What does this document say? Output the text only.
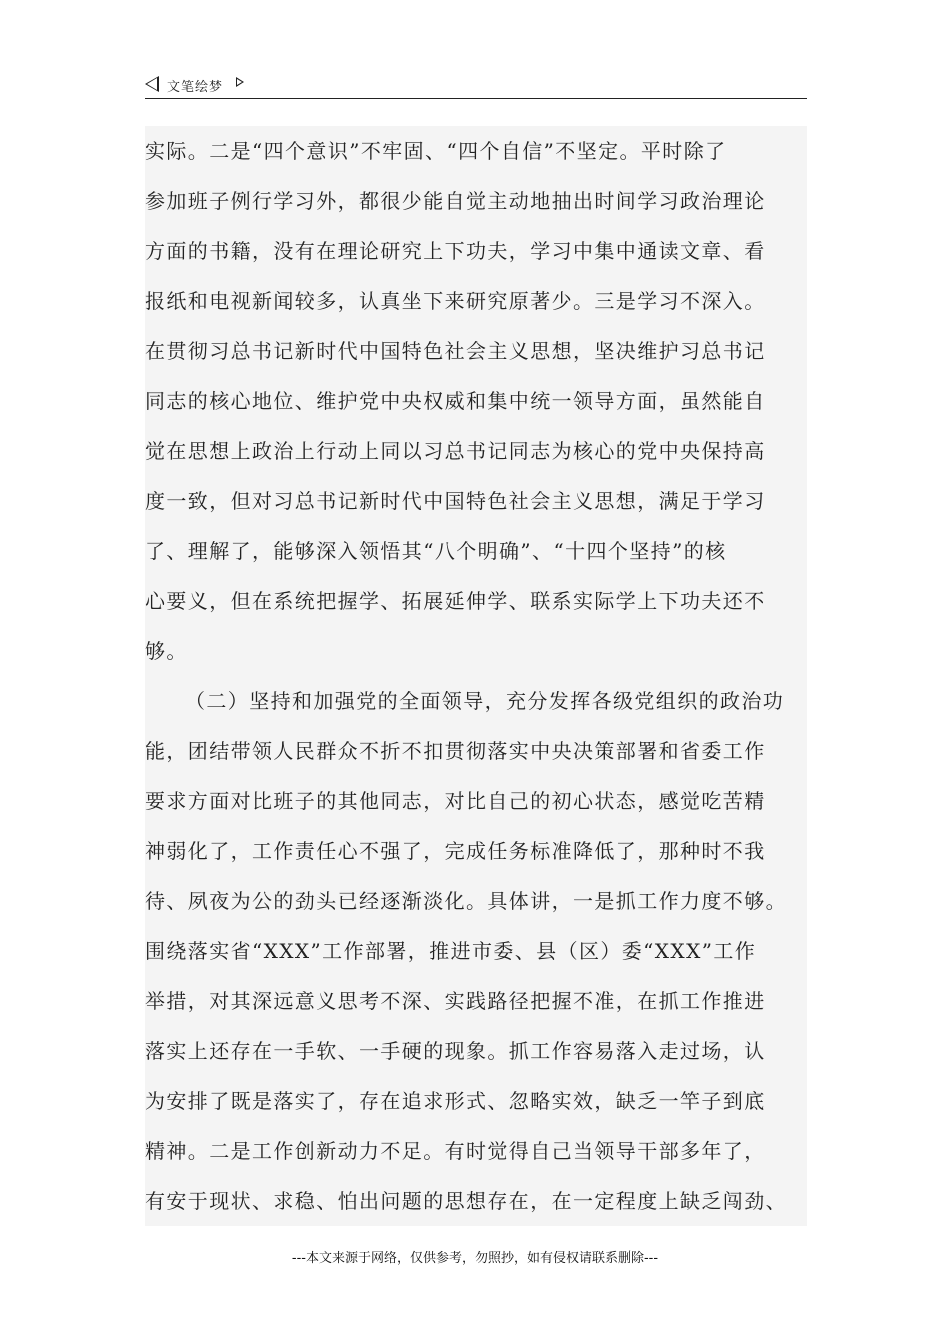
文笔绘梦
实际。二是“四个意识”不牢固、“四个自信”不坚定。平时除了
参加班子例行学习外，都很少能自觉主动地抽出时间学习政治理论
方面的书籍，没有在理论研究上下功夫，学习中集中通读文章、看
报纸和电视新闻较多，认真坐下来研究原著少。三是学习不深入。
在贯彻习总书记新时代中国特色社会主义思想，坚决维护习总书记
同志的核心地位、维护党中央权威和集中统一领导方面，虽然能自
觉在思想上政治上行动上同以习总书记同志为核心的党中央保持高
度一致，但对习总书记新时代中国特色社会主义思想，满足于学习
了、理解了，能够深入领悟其“八个明确”、“十四个坚持”的核
心要义，但在系统把握学、拓展延伸学、联系实际学上下功夫还不
够。
（二）坚持和加强党的全面领导，充分发挥各级党组织的政治功
能，团结带领人民群众不折不扣贯彻落实中央决策部署和省委工作
要求方面对比班子的其他同志，对比自己的初心状态，感觉吃苦精
神弱化了，工作责任心不强了，完成任务标准降低了，那种时不我
待、夙夜为公的劲头已经逐渐淡化。具体讲，一是抓工作力度不够。
围绕落实省“XXX”工作部署，推进市委、县（区）委“XXX”工作
举措，对其深远意义思考不深、实践路径把握不准，在抓工作推进
落实上还存在一手软、一手硬的现象。抓工作容易落入走过场，认
为安排了既是落实了，存在追求形式、忽略实效，缺乏一竿子到底
精神。二是工作创新动力不足。有时觉得自己当领导干部多年了，
有安于现状、求稳、怕出问题的思想存在，在一定程度上缺乏闯劲、
---本文来源于网络，仅供参考，勿照抄，如有侵权请联系删除---
